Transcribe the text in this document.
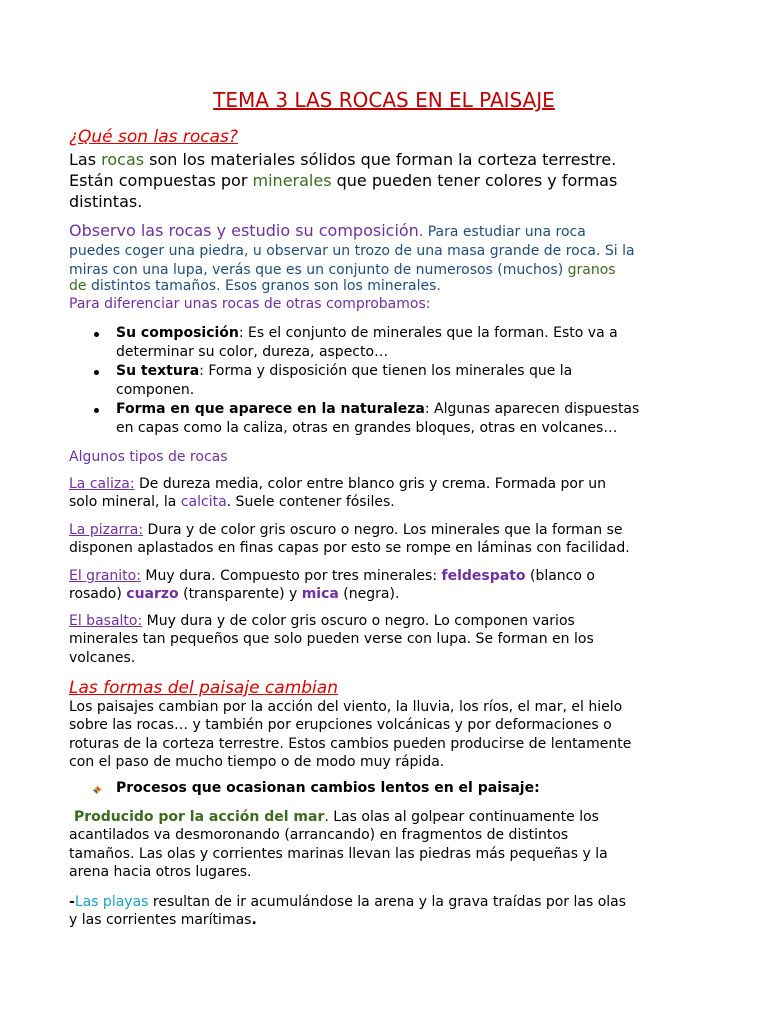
TEMA 3 LAS ROCAS EN EL PAISAJE
¿Qué son las rocas?
Las rocas son los materiales sólidos que forman la corteza terrestre.
Están compuestas por minerales que pueden tener colores y formas
distintas.
Observo las rocas y estudio su composición. Para estudiar una roca
puedes coger una piedra, u observar un trozo de una masa grande de roca. Si la
miras con una lupa, verás que es un conjunto de numerosos (muchos) granos
de distintos tamaños. Esos granos son los minerales.
Para diferenciar unas rocas de otras comprobamos:
Su composición: Es el conjunto de minerales que la forman. Esto va a
determinar su color, dureza, aspecto…
Su textura: Forma y disposición que tienen los minerales que la
componen.
Forma en que aparece en la naturaleza: Algunas aparecen dispuestas
en capas como la caliza, otras en grandes bloques, otras en volcanes…
Algunos tipos de rocas
La caliza: De dureza media, color entre blanco gris y crema. Formada por un
solo mineral, la calcita. Suele contener fósiles.
La pizarra: Dura y de color gris oscuro o negro. Los minerales que la forman se
disponen aplastados en finas capas por esto se rompe en láminas con facilidad.
El granito: Muy dura. Compuesto por tres minerales: feldespato (blanco o
rosado) cuarzo (transparente) y mica (negra).
El basalto: Muy dura y de color gris oscuro o negro. Lo componen varios
minerales tan pequeños que solo pueden verse con lupa. Se forman en los
volcanes.
Las formas del paisaje cambian
Los paisajes cambian por la acción del viento, la lluvia, los ríos, el mar, el hielo
sobre las rocas… y también por erupciones volcánicas y por deformaciones o
roturas de la corteza terrestre. Estos cambios pueden producirse de lentamente
con el paso de mucho tiempo o de modo muy rápida.
Procesos que ocasionan cambios lentos en el paisaje:
Producido por la acción del mar. Las olas al golpear continuamente los
acantilados va desmoronando (arrancando) en fragmentos de distintos
tamaños. Las olas y corrientes marinas llevan las piedras más pequeñas y la
arena hacia otros lugares.
-Las playas resultan de ir acumulándose la arena y la grava traídas por las olas
y las corrientes marítimas.
